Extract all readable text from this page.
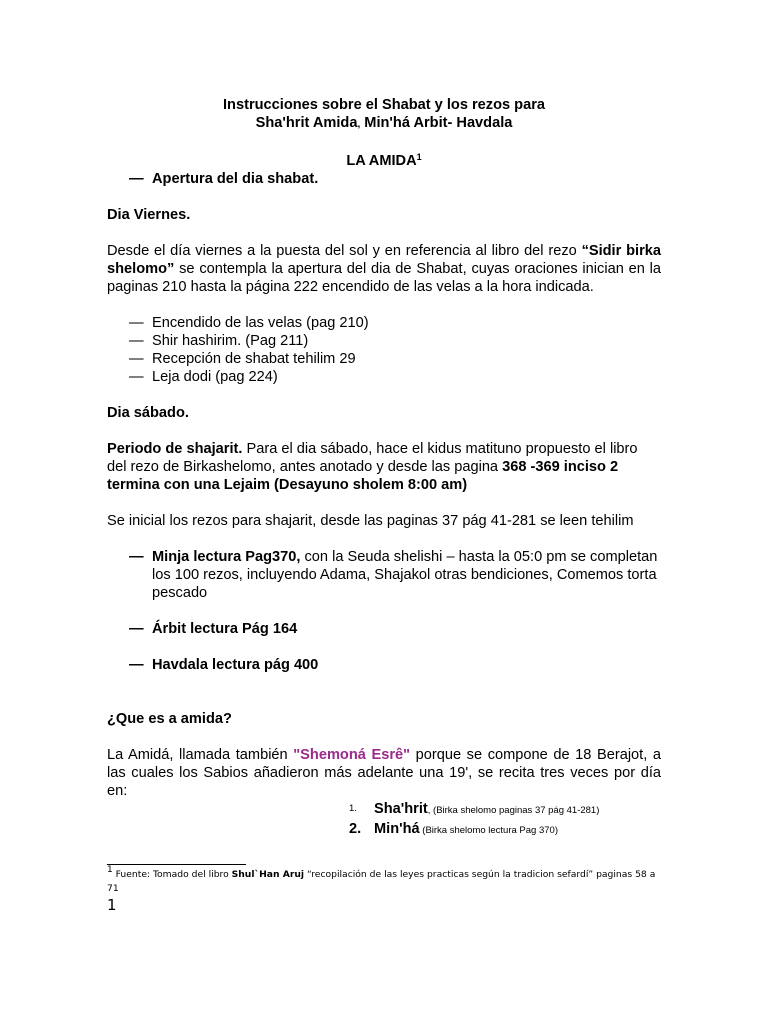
Instrucciones sobre el Shabat y los rezos para
Sha'hrit Amida, Min'há Arbit- Havdala
LA AMIDA$^1$
— Apertura del dia shabat.

Dia Viernes.

Desde el día viernes a la puesta del sol y en referencia al libro del rezo “Sidir birka shelomo” se contempla la apertura del dia de Shabat, cuyas oraciones inician en la paginas 210 hasta la página 222 encendido de las velas a la hora indicada.

— Encendido de las velas (pag 210)
— Shir hashirim. (Pag 211)
— Recepción de shabat tehilim 29
— Leja dodi (pag 224)

Dia sábado.

Periodo de shajarit. Para el dia sábado, hace el kidus matituno propuesto el libro del rezo de Birkashelomo, antes anotado y desde las pagina 368 -369 inciso 2 termina con una Lejaim (Desayuno sholem 8:00 am)

Se inicial los rezos para shajarit, desde las paginas 37 pág 41-281 se leen tehilim

— Minja lectura Pag370, con la Seuda shelishi – hasta la 05:0 pm se completan los 100 rezos, incluyendo Adama, Shajakol otras bendiciones, Comemos torta pescado
— Árbit lectura Pág 164
— Havdala lectura pág 400

¿Que es a amida?

La Amidá, llamada también "Shemoná Esrê" porque se compone de 18 Berajot, a las cuales los Sabios añadieron más adelante una 19', se recita tres veces por día en:

1. Sha'hrit, (Birka shelomo paginas 37 pág 41-281)
2. Min'há (Birka shelomo lectura Pag 370)
$^1$ Fuente: Tomado del libro Shul`Han Aruj “recopilación de las leyes practicas según la tradicion sefardí” paginas 58 a 71
1
